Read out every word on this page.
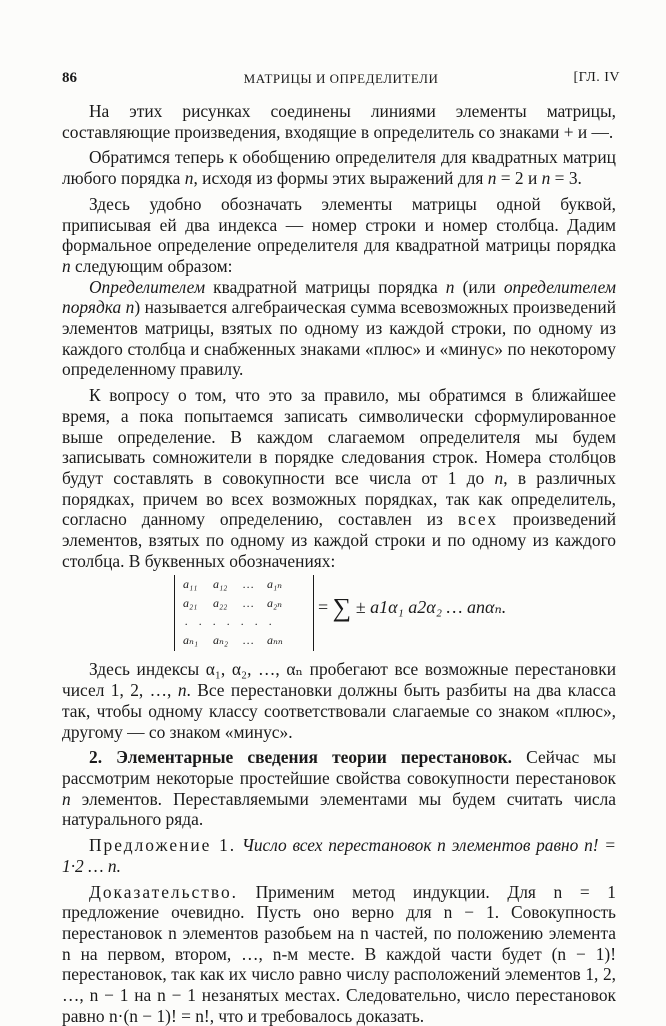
86	МАТРИЦЫ И ОПРЕДЕЛИТЕЛИ	[ГЛ. IV

На этих рисунках соединены линиями элементы матрицы, составляющие произведения, входящие в определитель со знаками + и —.

Обратимся теперь к обобщению определителя для квадратных матриц любого порядка n, исходя из формы этих выражений для n = 2 и n = 3.

Здесь удобно обозначать элементы матрицы одной буквой, приписывая ей два индекса — номер строки и номер столбца. Дадим формальное определение определителя для квадратной матрицы порядка n следующим образом:

Определителем квадратной матрицы порядка n (или определителем порядка n) называется алгебраическая сумма всевозможных произведений элементов матрицы, взятых по одному из каждой строки, по одному из каждого столбца и снабженных знаками «плюс» и «минус» по некоторому определенному правилу.

К вопросу о том, что это за правило, мы обратимся в ближайшее время, а пока попытаемся записать символически сформулированное выше определение. В каждом слагаемом определителя мы будем записывать сомножители в порядке следования строк. Номера столбцов будут составлять в совокупности все числа от 1 до n, в различных порядках, причем во всех возможных порядках, так как определитель, согласно данному определению, составлен из всех произведений элементов, взятых по одному из каждой строки и по одному из каждого столбца. В буквенных обозначениях:

a₁₁	a₁₂	…	a₁ₙ
a₂₁	a₂₂	…	a₂ₙ
. . . . . . .
aₙ₁	aₙ₂	…	aₙₙ
= ∑ ± a1α₁ a2α₂ … anαₙ.

Здесь индексы α₁, α₂, …, αₙ пробегают все возможные перестановки чисел 1, 2, …, n. Все перестановки должны быть разбиты на два класса так, чтобы одному классу соответствовали слагаемые со знаком «плюс», другому — со знаком «минус».

2. Элементарные сведения теории перестановок. Сейчас мы рассмотрим некоторые простейшие свойства совокупности перестановок n элементов. Переставляемыми элементами мы будем считать числа натурального ряда.

Предложение 1. Число всех перестановок n элементов равно n! = 1·2 … n.

Доказательство. Применим метод индукции. Для n = 1 предложение очевидно. Пусть оно верно для n − 1. Совокупность перестановок n элементов разобьем на n частей, по положению элемента n на первом, втором, …, n-м месте. В каждой части будет (n − 1)! перестановок, так как их число равно числу расположений элементов 1, 2, …, n − 1 на n − 1 незанятых местах. Следовательно, число перестановок равно n·(n − 1)! = n!, что и требовалось доказать.
